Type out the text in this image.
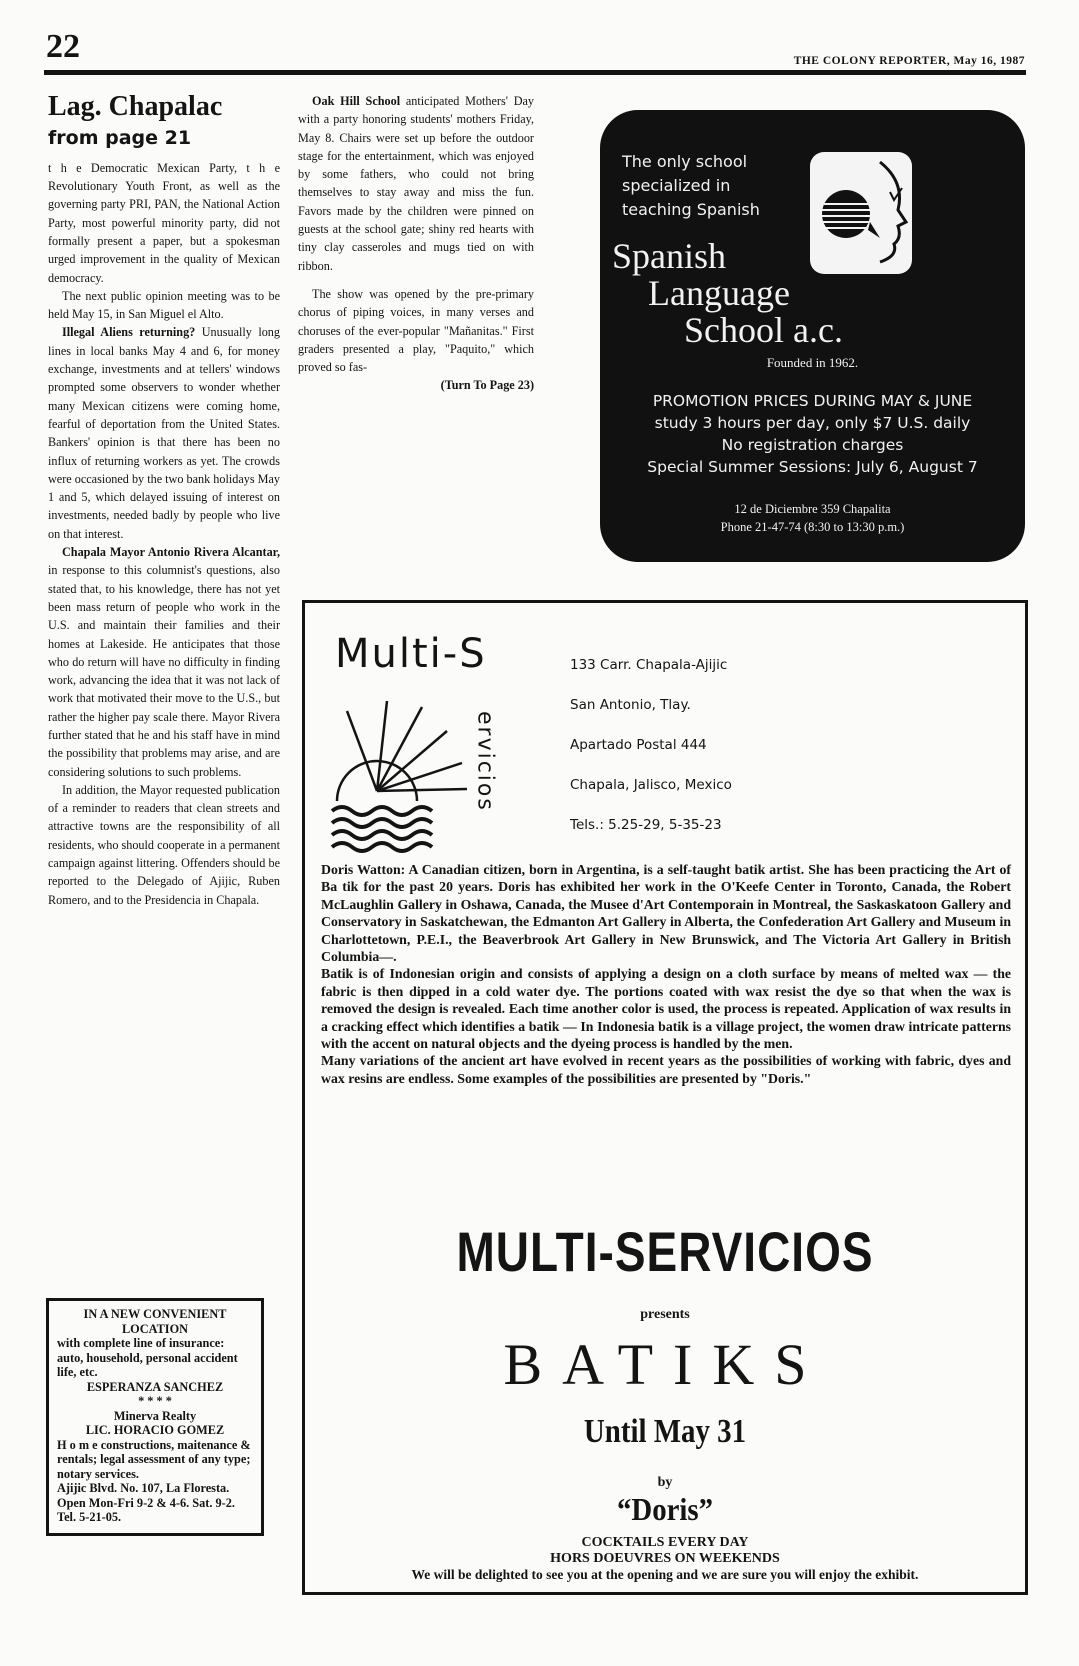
22	THE COLONY REPORTER, May 16, 1987
Lag. Chapalac
from page 21

t h e Democratic Mexican Party, t h e Revolutionary Youth Front, as well as the governing party PRI, PAN, the National Action Party, most powerful minority party, did not formally present a paper, but a spokesman urged improvement in the quality of Mexican democracy.

The next public opinion meeting was to be held May 15, in San Miguel el Alto.

Illegal Aliens returning? Unusually long lines in local banks May 4 and 6, for money exchange, investments and at tellers' windows prompted some observers to wonder whether many Mexican citizens were coming home, fearful of deportation from the United States. Bankers' opinion is that there has been no influx of returning workers as yet. The crowds were occasioned by the two bank holidays May 1 and 5, which delayed issuing of interest on investments, needed badly by people who live on that interest.

Chapala Mayor Antonio Rivera Alcantar, in response to this columnist's questions, also stated that, to his knowledge, there has not yet been mass return of people who work in the U.S. and maintain their families and their homes at Lakeside. He anticipates that those who do return will have no difficulty in finding work, advancing the idea that it was not lack of work that motivated their move to the U.S., but rather the higher pay scale there. Mayor Rivera further stated that he and his staff have in mind the possibility that problems may arise, and are considering solutions to such problems.

In addition, the Mayor requested publication of a reminder to readers that clean streets and attractive towns are the responsibility of all residents, who should cooperate in a permanent campaign against littering. Offenders should be reported to the Delegado of Ajijic, Ruben Romero, and to the Presidencia in Chapala.

IN A NEW CONVENIENT LOCATION
with complete line of insurance: auto, household, personal accident life, etc.
ESPERANZA SANCHEZ
* * * *
Minerva Realty
LIC. HORACIO GOMEZ
H o m e constructions, maitenance & rentals; legal assessment of any type; notary services.
Ajijic Blvd. No. 107, La Floresta. Open Mon-Fri 9-2 & 4-6. Sat. 9-2. Tel. 5-21-05.

Oak Hill School anticipated Mothers' Day with a party honoring students' mothers Friday, May 8. Chairs were set up before the outdoor stage for the entertainment, which was enjoyed by some fathers, who could not bring themselves to stay away and miss the fun. Favors made by the children were pinned on guests at the school gate; shiny red hearts with tiny clay casseroles and mugs tied on with ribbon.

The show was opened by the pre-primary chorus of piping voices, in many verses and choruses of the ever-popular "Mañanitas." First graders presented a play, "Paquito," which proved so fas-

(Turn To Page 23)
The only school
specialized in
teaching Spanish
Spanish
Language
School a.c.
Founded in 1962.
PROMOTION PRICES DURING MAY & JUNE
study 3 hours per day, only $7 U.S. daily
No registration charges
Special Summer Sessions: July 6, August 7
12 de Diciembre 359 Chapalita
Phone 21-47-74 (8:30 to 13:30 p.m.)
Multi-S
ervicios
133 Carr. Chapala-Ajijic
San Antonio, Tlay.
Apartado Postal 444
Chapala, Jalisco, Mexico
Tels.: 5.25-29, 5-35-23

Doris Watton: A Canadian citizen, born in Argentina, is a self-taught batik artist. She has been practicing the Art of Ba tik for the past 20 years. Doris has exhibited her work in the O'Keefe Center in Toronto, Canada, the Robert McLaughlin Gallery in Oshawa, Canada, the Musee d'Art Contemporain in Montreal, the Saskaskatoon Gallery and Conservatory in Saskatchewan, the Edmanton Art Gallery in Alberta, the Confederation Art Gallery and Museum in Charlottetown, P.E.I., the Beaverbrook Art Gallery in New Brunswick, and The Victoria Art Gallery in British Columbia—.

Batik is of Indonesian origin and consists of applying a design on a cloth surface by means of melted wax — the fabric is then dipped in a cold water dye. The portions coated with wax resist the dye so that when the wax is removed the design is revealed. Each time another color is used, the process is repeated. Application of wax results in a cracking effect which identifies a batik — In Indonesia batik is a village project, the women draw intricate patterns with the accent on natural objects and the dyeing process is handled by the men.

Many variations of the ancient art have evolved in recent years as the possibilities of working with fabric, dyes and wax resins are endless. Some examples of the possibilities are presented by "Doris."

MULTI-SERVICIOS
presents
BATIKS
Until May 31
by
“Doris”
COCKTAILS EVERY DAY
HORS DOEUVRES ON WEEKENDS
We will be delighted to see you at the opening and we are sure you will enjoy the exhibit.
